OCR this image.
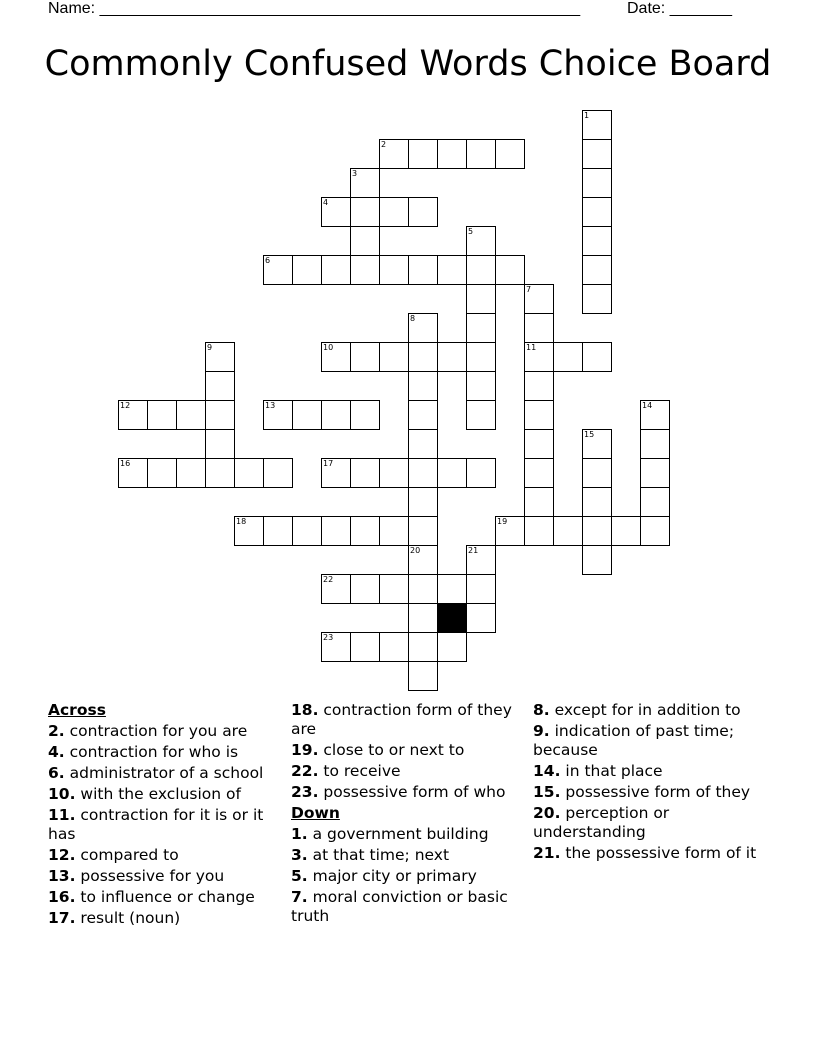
Name: ______________________________________________________	Date: _______
Commonly Confused Words Choice Board
2
4
6
10	11
12	13
16	17
18	19
22
23
1
3
5
7
8
9
14
15
20	21
Across
2. contraction for you are
4. contraction for who is
6. administrator of a school
10. with the exclusion of
11. contraction for it is or it has
12. compared to
13. possessive for you
16. to influence or change
17. result (noun)
18. contraction form of they are
19. close to or next to
22. to receive
23. possessive form of who
Down
1. a government building
3. at that time; next
5. major city or primary
7. moral conviction or basic truth
8. except for in addition to
9. indication of past time; because
14. in that place
15. possessive form of they
20. perception or understanding
21. the possessive form of it
